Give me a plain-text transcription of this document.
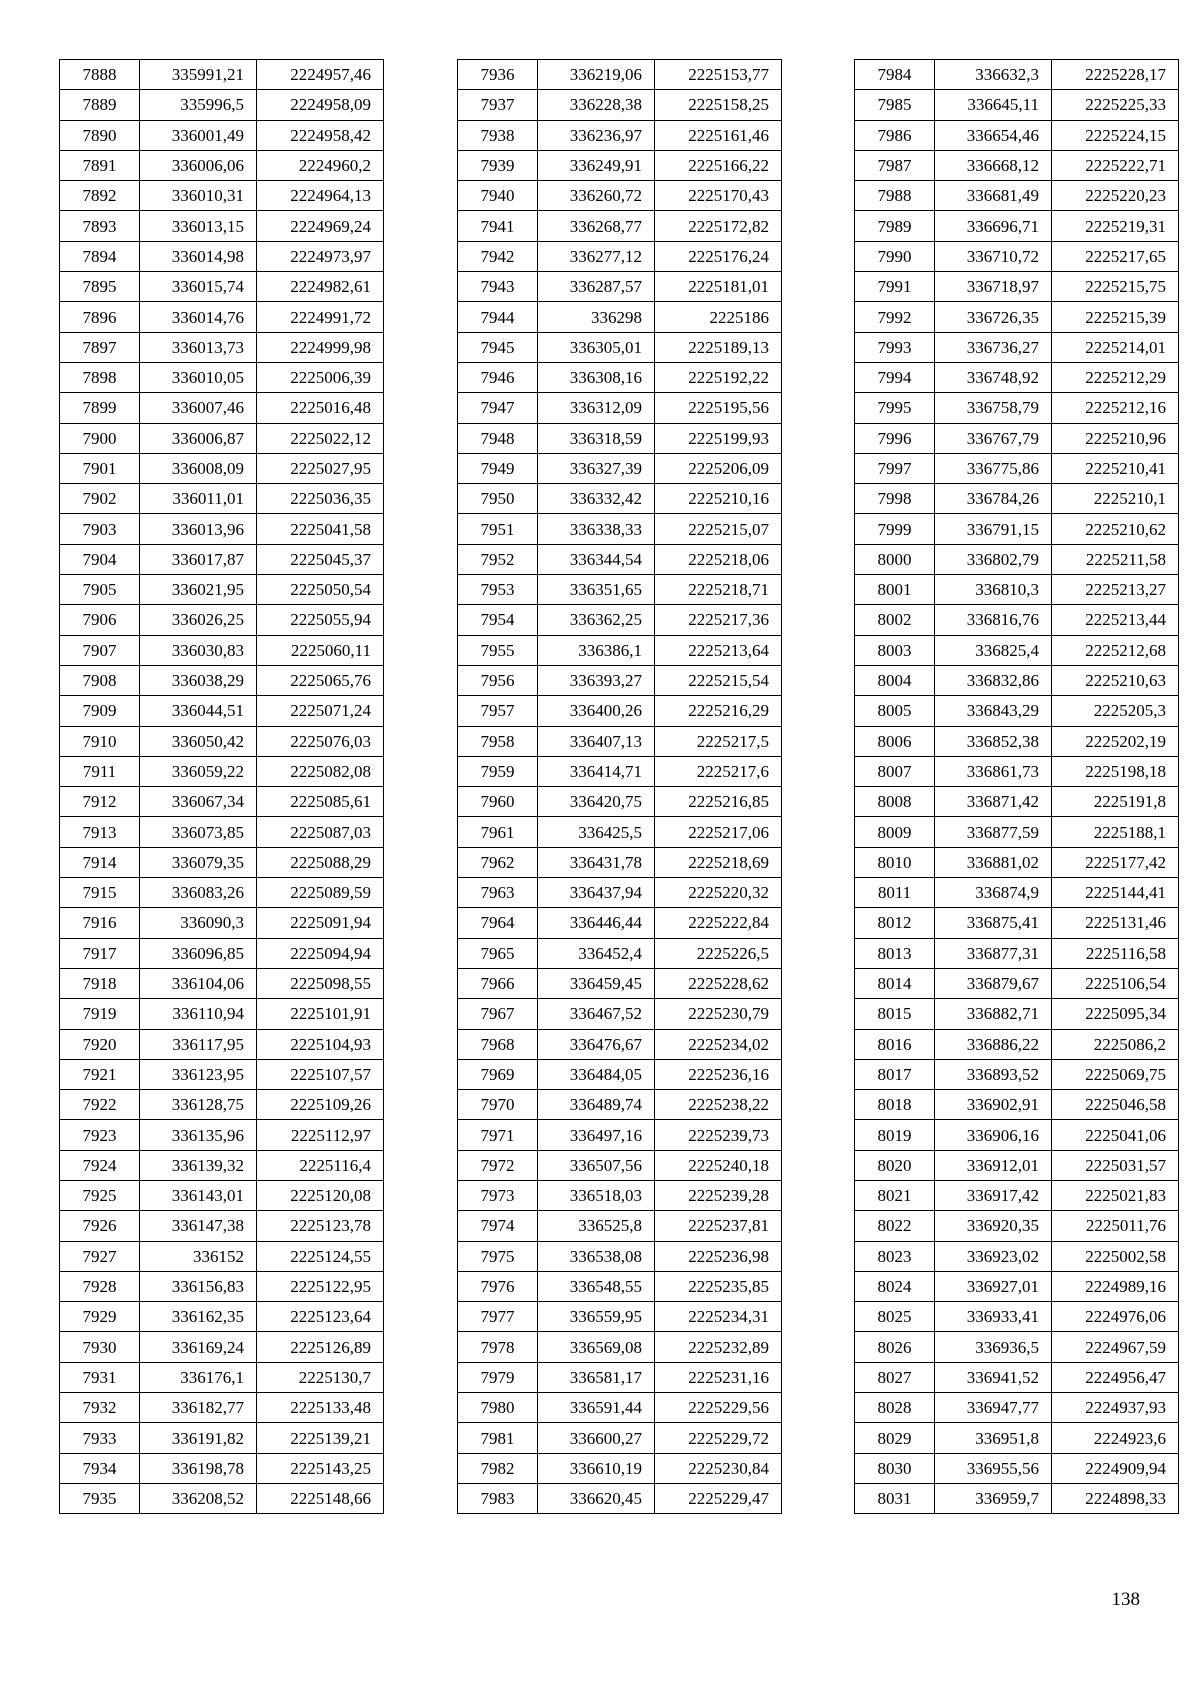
7888	335991,21	2224957,46
7889	335996,5	2224958,09
7890	336001,49	2224958,42
7891	336006,06	2224960,2
7892	336010,31	2224964,13
7893	336013,15	2224969,24
7894	336014,98	2224973,97
7895	336015,74	2224982,61
7896	336014,76	2224991,72
7897	336013,73	2224999,98
7898	336010,05	2225006,39
7899	336007,46	2225016,48
7900	336006,87	2225022,12
7901	336008,09	2225027,95
7902	336011,01	2225036,35
7903	336013,96	2225041,58
7904	336017,87	2225045,37
7905	336021,95	2225050,54
7906	336026,25	2225055,94
7907	336030,83	2225060,11
7908	336038,29	2225065,76
7909	336044,51	2225071,24
7910	336050,42	2225076,03
7911	336059,22	2225082,08
7912	336067,34	2225085,61
7913	336073,85	2225087,03
7914	336079,35	2225088,29
7915	336083,26	2225089,59
7916	336090,3	2225091,94
7917	336096,85	2225094,94
7918	336104,06	2225098,55
7919	336110,94	2225101,91
7920	336117,95	2225104,93
7921	336123,95	2225107,57
7922	336128,75	2225109,26
7923	336135,96	2225112,97
7924	336139,32	2225116,4
7925	336143,01	2225120,08
7926	336147,38	2225123,78
7927	336152	2225124,55
7928	336156,83	2225122,95
7929	336162,35	2225123,64
7930	336169,24	2225126,89
7931	336176,1	2225130,7
7932	336182,77	2225133,48
7933	336191,82	2225139,21
7934	336198,78	2225143,25
7935	336208,52	2225148,66
7936	336219,06	2225153,77
7937	336228,38	2225158,25
7938	336236,97	2225161,46
7939	336249,91	2225166,22
7940	336260,72	2225170,43
7941	336268,77	2225172,82
7942	336277,12	2225176,24
7943	336287,57	2225181,01
7944	336298	2225186
7945	336305,01	2225189,13
7946	336308,16	2225192,22
7947	336312,09	2225195,56
7948	336318,59	2225199,93
7949	336327,39	2225206,09
7950	336332,42	2225210,16
7951	336338,33	2225215,07
7952	336344,54	2225218,06
7953	336351,65	2225218,71
7954	336362,25	2225217,36
7955	336386,1	2225213,64
7956	336393,27	2225215,54
7957	336400,26	2225216,29
7958	336407,13	2225217,5
7959	336414,71	2225217,6
7960	336420,75	2225216,85
7961	336425,5	2225217,06
7962	336431,78	2225218,69
7963	336437,94	2225220,32
7964	336446,44	2225222,84
7965	336452,4	2225226,5
7966	336459,45	2225228,62
7967	336467,52	2225230,79
7968	336476,67	2225234,02
7969	336484,05	2225236,16
7970	336489,74	2225238,22
7971	336497,16	2225239,73
7972	336507,56	2225240,18
7973	336518,03	2225239,28
7974	336525,8	2225237,81
7975	336538,08	2225236,98
7976	336548,55	2225235,85
7977	336559,95	2225234,31
7978	336569,08	2225232,89
7979	336581,17	2225231,16
7980	336591,44	2225229,56
7981	336600,27	2225229,72
7982	336610,19	2225230,84
7983	336620,45	2225229,47
7984	336632,3	2225228,17
7985	336645,11	2225225,33
7986	336654,46	2225224,15
7987	336668,12	2225222,71
7988	336681,49	2225220,23
7989	336696,71	2225219,31
7990	336710,72	2225217,65
7991	336718,97	2225215,75
7992	336726,35	2225215,39
7993	336736,27	2225214,01
7994	336748,92	2225212,29
7995	336758,79	2225212,16
7996	336767,79	2225210,96
7997	336775,86	2225210,41
7998	336784,26	2225210,1
7999	336791,15	2225210,62
8000	336802,79	2225211,58
8001	336810,3	2225213,27
8002	336816,76	2225213,44
8003	336825,4	2225212,68
8004	336832,86	2225210,63
8005	336843,29	2225205,3
8006	336852,38	2225202,19
8007	336861,73	2225198,18
8008	336871,42	2225191,8
8009	336877,59	2225188,1
8010	336881,02	2225177,42
8011	336874,9	2225144,41
8012	336875,41	2225131,46
8013	336877,31	2225116,58
8014	336879,67	2225106,54
8015	336882,71	2225095,34
8016	336886,22	2225086,2
8017	336893,52	2225069,75
8018	336902,91	2225046,58
8019	336906,16	2225041,06
8020	336912,01	2225031,57
8021	336917,42	2225021,83
8022	336920,35	2225011,76
8023	336923,02	2225002,58
8024	336927,01	2224989,16
8025	336933,41	2224976,06
8026	336936,5	2224967,59
8027	336941,52	2224956,47
8028	336947,77	2224937,93
8029	336951,8	2224923,6
8030	336955,56	2224909,94
8031	336959,7	2224898,33
138
